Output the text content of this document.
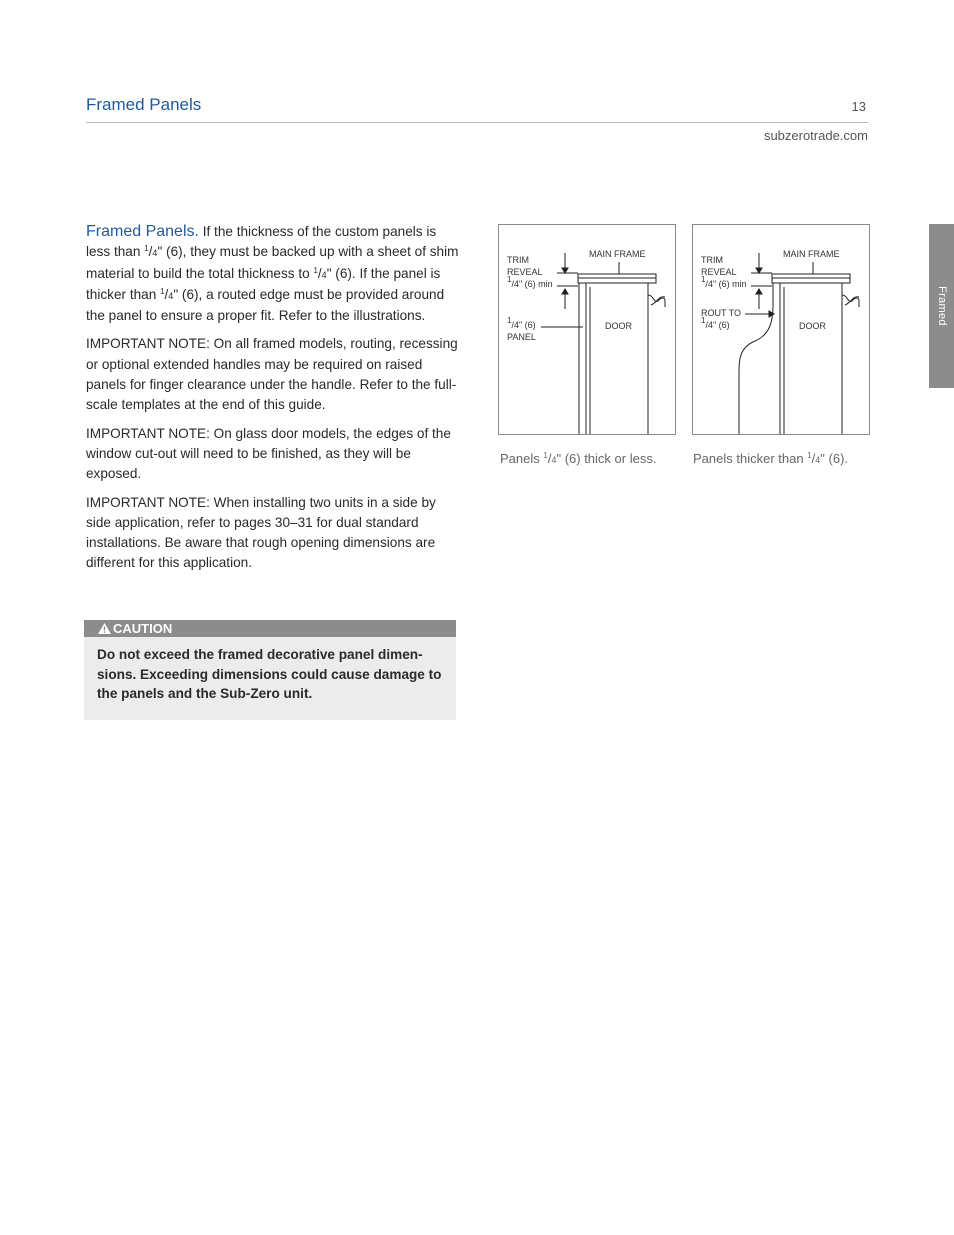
Framed Panels	13
subzerotrade.com
Framed

Framed Panels. If the thickness of the custom panels is less than $^1$/4" (6), they must be backed up with a sheet of shim material to build the total thickness to $^1$/4" (6). If the panel is thicker than $^1$/4" (6), a routed edge must be provided around the panel to ensure a proper fit. Refer to the illustrations.

IMPORTANT NOTE: On all framed models, routing, recessing or optional extended handles may be required on raised panels for finger clearance under the handle. Refer to the full-scale templates at the end of this guide.

IMPORTANT NOTE: On glass door models, the edges of the window cut-out will need to be finished, as they will be exposed.

IMPORTANT NOTE: When installing two units in a side by side application, refer to pages 30–31 for dual standard installations. Be aware that rough opening dimensions are different for this application.

CAUTION
Do not exceed the framed decorative panel dimen-sions. Exceeding dimensions could cause damage to the panels and the Sub-Zero unit.
TRIM
REVEAL
$^1$/4" (6) min
MAIN FRAME
DOOR
$^1$/4" (6)
PANEL
TRIM
REVEAL
$^1$/4" (6) min
MAIN FRAME
DOOR
ROUT TO
$^1$/4" (6)
Panels $^1$/4" (6) thick or less.	Panels thicker than $^1$/4" (6).
